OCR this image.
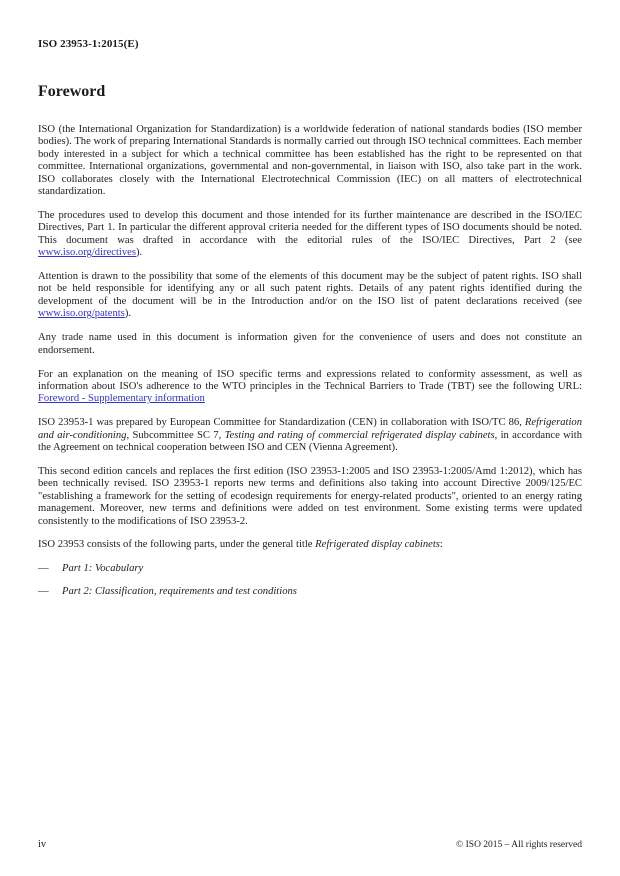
ISO 23953-1:2015(E)
Foreword

ISO (the International Organization for Standardization) is a worldwide federation of national standards bodies (ISO member bodies). The work of preparing International Standards is normally carried out through ISO technical committees. Each member body interested in a subject for which a technical committee has been established has the right to be represented on that committee. International organizations, governmental and non-governmental, in liaison with ISO, also take part in the work. ISO collaborates closely with the International Electrotechnical Commission (IEC) on all matters of electrotechnical standardization.

The procedures used to develop this document and those intended for its further maintenance are described in the ISO/IEC Directives, Part 1. In particular the different approval criteria needed for the different types of ISO documents should be noted. This document was drafted in accordance with the editorial rules of the ISO/IEC Directives, Part 2 (see www.iso.org/directives).

Attention is drawn to the possibility that some of the elements of this document may be the subject of patent rights. ISO shall not be held responsible for identifying any or all such patent rights. Details of any patent rights identified during the development of the document will be in the Introduction and/or on the ISO list of patent declarations received (see www.iso.org/patents).

Any trade name used in this document is information given for the convenience of users and does not constitute an endorsement.

For an explanation on the meaning of ISO specific terms and expressions related to conformity assessment, as well as information about ISO's adherence to the WTO principles in the Technical Barriers to Trade (TBT) see the following URL: Foreword - Supplementary information

ISO 23953-1 was prepared by European Committee for Standardization (CEN) in collaboration with ISO/TC 86, Refrigeration and air-conditioning, Subcommittee SC 7, Testing and rating of commercial refrigerated display cabinets, in accordance with the Agreement on technical cooperation between ISO and CEN (Vienna Agreement).

This second edition cancels and replaces the first edition (ISO 23953-1:2005 and ISO 23953-1:2005/Amd 1:2012), which has been technically revised. ISO 23953-1 reports new terms and definitions also taking into account Directive 2009/125/EC "establishing a framework for the setting of ecodesign requirements for energy-related products", oriented to an energy rating management. Moreover, new terms and definitions were added on test environment. Some existing terms were updated consistently to the modifications of ISO 23953-2.

ISO 23953 consists of the following parts, under the general title Refrigerated display cabinets:

— Part 1: Vocabulary
— Part 2: Classification, requirements and test conditions
iv	© ISO 2015 – All rights reserved
